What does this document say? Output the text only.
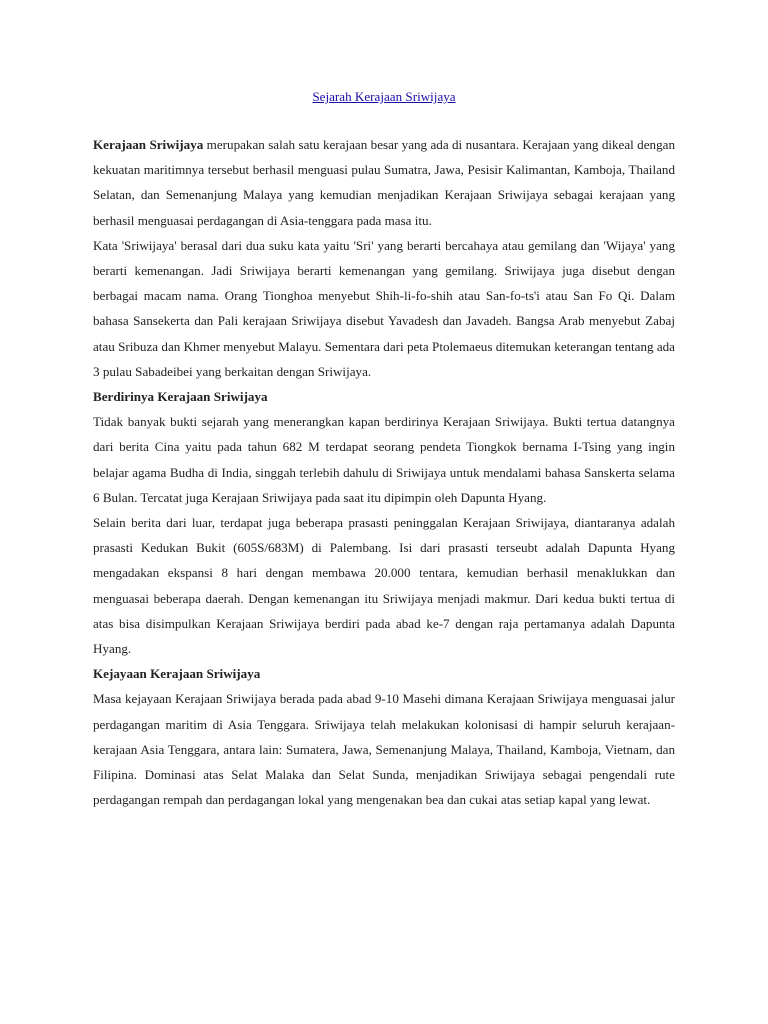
Sejarah Kerajaan Sriwijaya

Kerajaan Sriwijaya merupakan salah satu kerajaan besar yang ada di nusantara. Kerajaan yang dikeal dengan kekuatan maritimnya tersebut berhasil menguasi pulau Sumatra, Jawa, Pesisir Kalimantan, Kamboja, Thailand Selatan, dan Semenanjung Malaya yang kemudian menjadikan Kerajaan Sriwijaya sebagai kerajaan yang berhasil menguasai perdagangan di Asia-tenggara pada masa itu.

Kata 'Sriwijaya' berasal dari dua suku kata yaitu 'Sri' yang berarti bercahaya atau gemilang dan 'Wijaya' yang berarti kemenangan. Jadi Sriwijaya berarti kemenangan yang gemilang. Sriwijaya juga disebut dengan berbagai macam nama. Orang Tionghoa menyebut Shih-li-fo-shih atau San-fo-ts'i atau San Fo Qi. Dalam bahasa Sansekerta dan Pali kerajaan Sriwijaya disebut Yavadesh dan Javadeh. Bangsa Arab menyebut Zabaj atau Sribuza dan Khmer menyebut Malayu. Sementara dari peta Ptolemaeus ditemukan keterangan tentang ada 3 pulau Sabadeibei yang berkaitan dengan Sriwijaya.

Berdirinya Kerajaan Sriwijaya

Tidak banyak bukti sejarah yang menerangkan kapan berdirinya Kerajaan Sriwijaya. Bukti tertua datangnya dari berita Cina yaitu pada tahun 682 M terdapat seorang pendeta Tiongkok bernama I-Tsing yang ingin belajar agama Budha di India, singgah terlebih dahulu di Sriwijaya untuk mendalami bahasa Sanskerta selama 6 Bulan. Tercatat juga Kerajaan Sriwijaya pada saat itu dipimpin oleh Dapunta Hyang.

Selain berita dari luar, terdapat juga beberapa prasasti peninggalan Kerajaan Sriwijaya, diantaranya adalah prasasti Kedukan Bukit (605S/683M) di Palembang. Isi dari prasasti terseubt adalah Dapunta Hyang mengadakan ekspansi 8 hari dengan membawa 20.000 tentara, kemudian berhasil menaklukkan dan menguasai beberapa daerah. Dengan kemenangan itu Sriwijaya menjadi makmur. Dari kedua bukti tertua di atas bisa disimpulkan Kerajaan Sriwijaya berdiri pada abad ke-7 dengan raja pertamanya adalah Dapunta Hyang.

Kejayaan Kerajaan Sriwijaya

Masa kejayaan Kerajaan Sriwijaya berada pada abad 9-10 Masehi dimana Kerajaan Sriwijaya menguasai jalur perdagangan maritim di Asia Tenggara. Sriwijaya telah melakukan kolonisasi di hampir seluruh kerajaan-kerajaan Asia Tenggara, antara lain: Sumatera, Jawa, Semenanjung Malaya, Thailand, Kamboja, Vietnam, dan Filipina. Dominasi atas Selat Malaka dan Selat Sunda, menjadikan Sriwijaya sebagai pengendali rute perdagangan rempah dan perdagangan lokal yang mengenakan bea dan cukai atas setiap kapal yang lewat.
